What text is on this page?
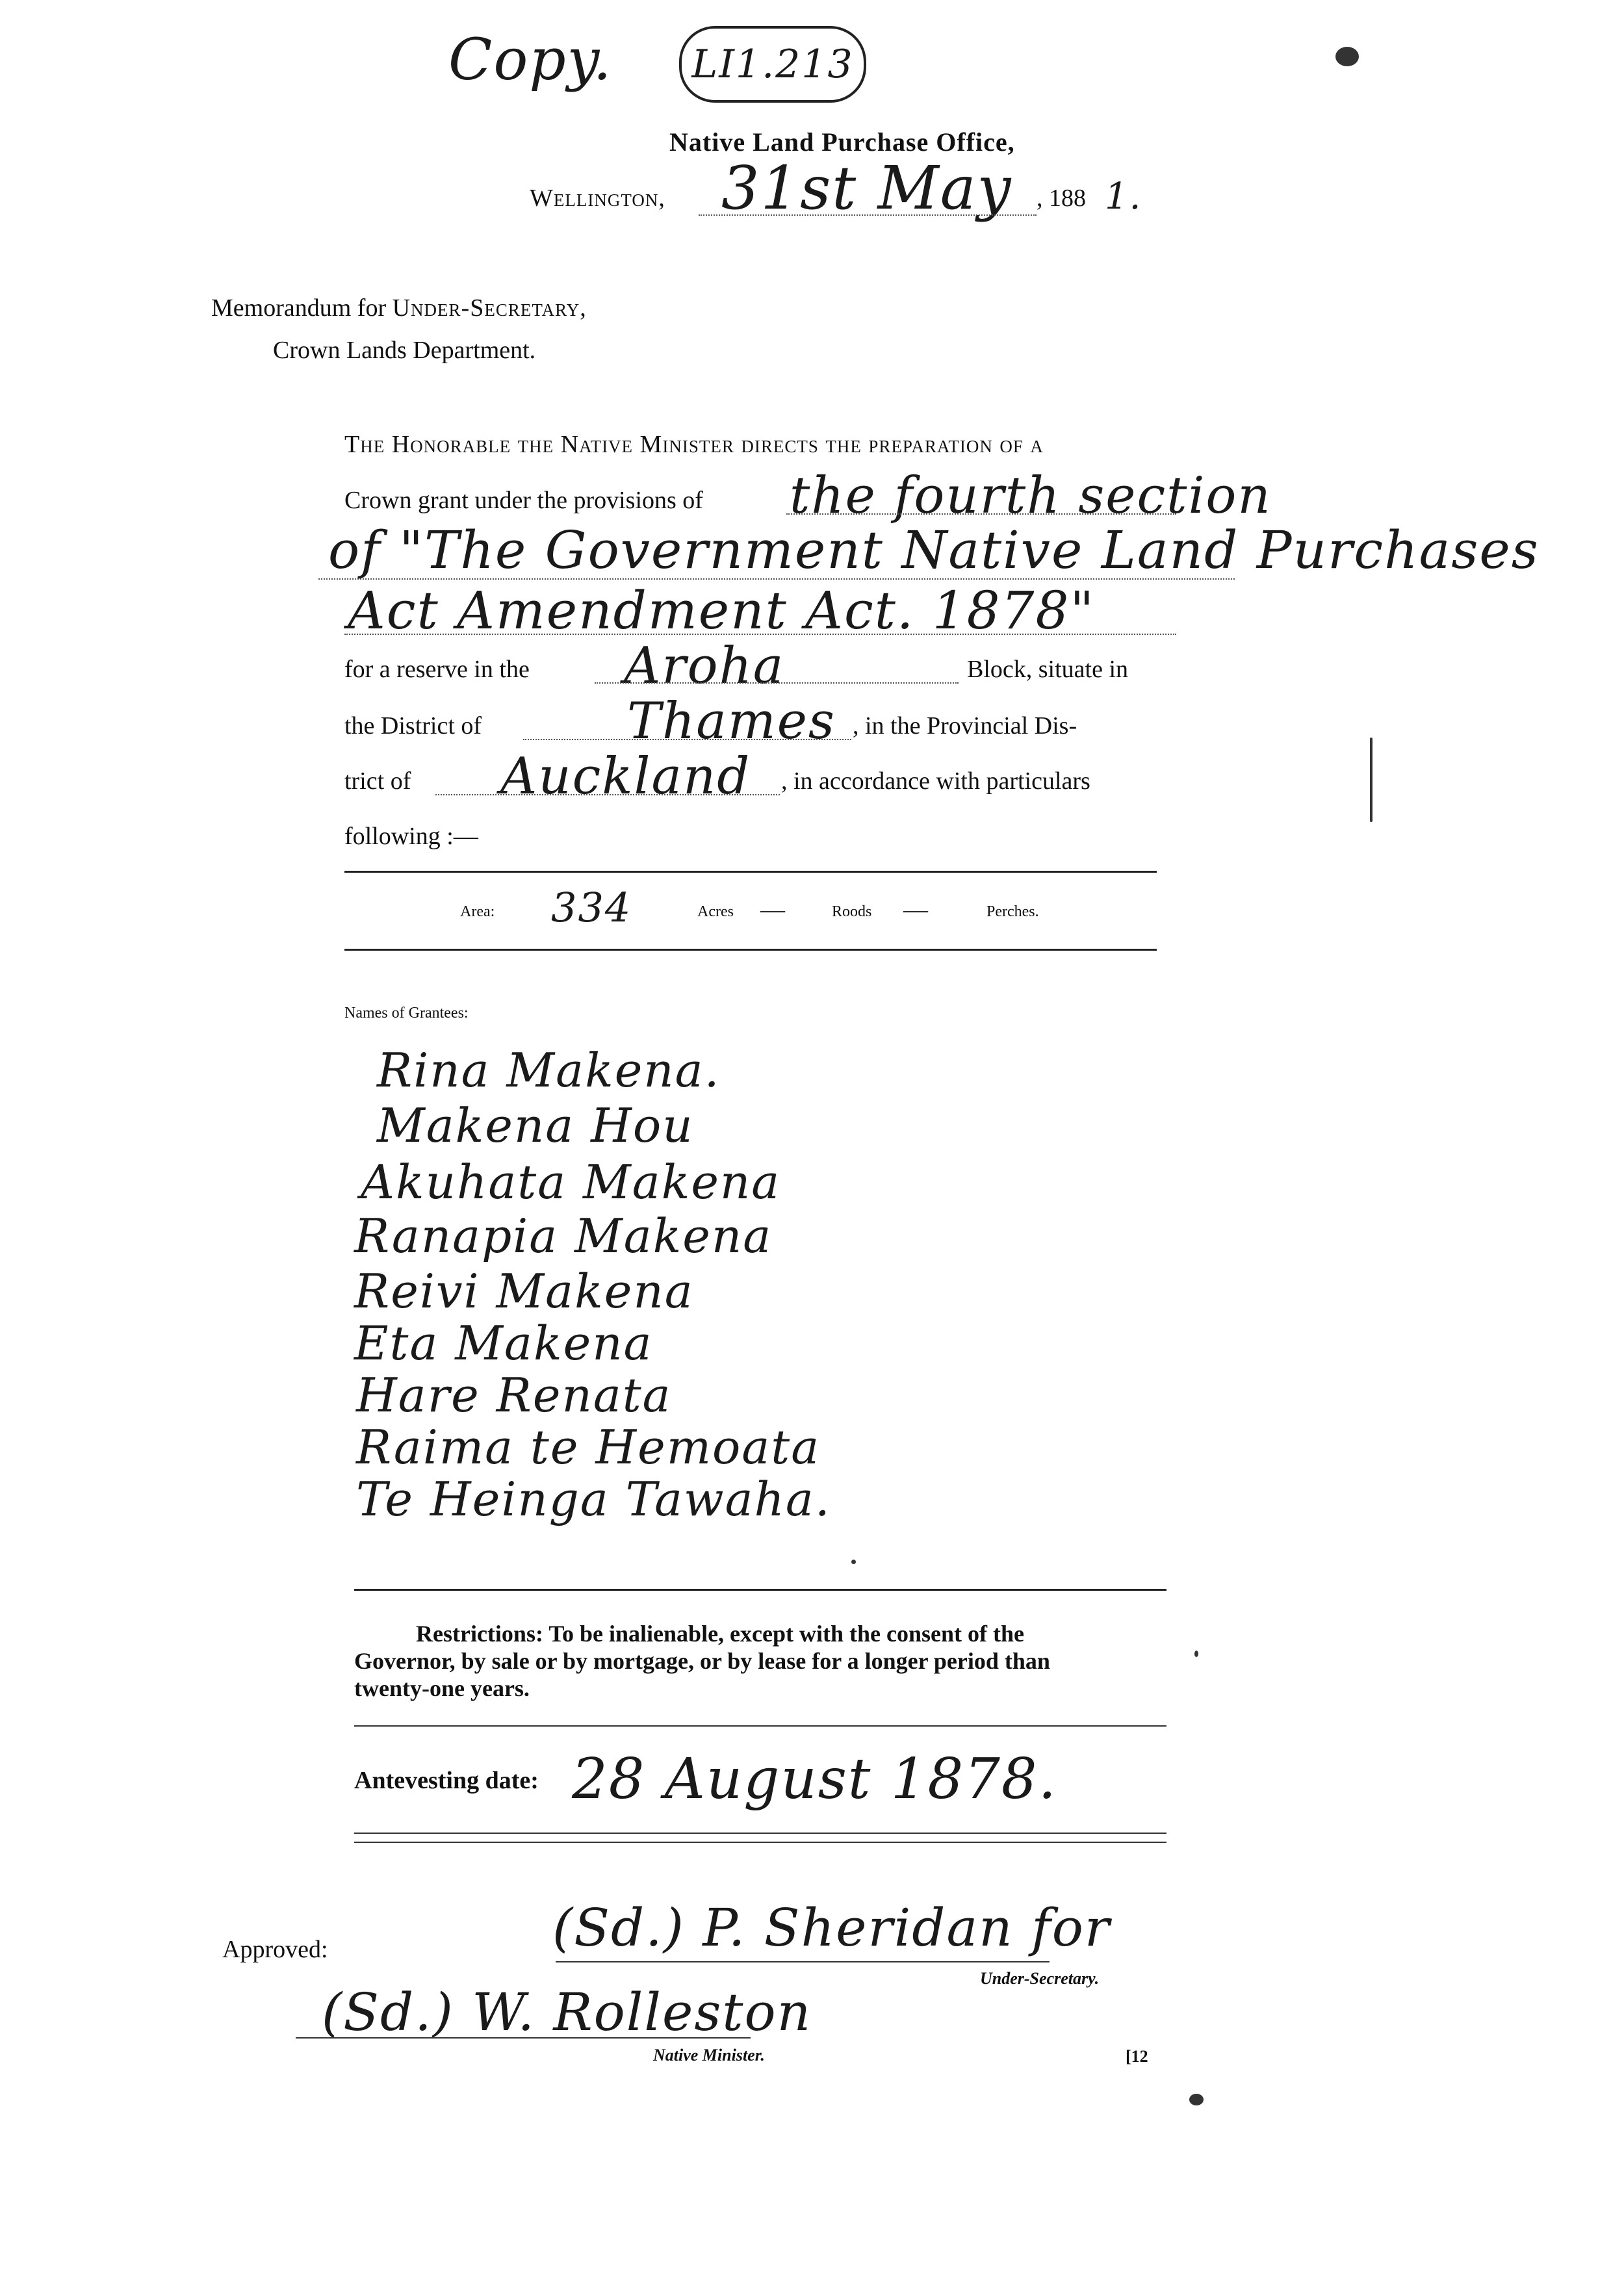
Copy. LI1.213
Native Land Purchase Office,
Wellington, 31st May , 188 1.
Memorandum for Under-Secretary,
Crown Lands Department.
The Honorable the Native Minister directs the preparation of a
Crown grant under the provisions of the fourth section
of "The Government Native Land Purchases
Act Amendment Act. 1878"
for a reserve in the Aroha	Block, situate in
the District of	Thames , in the Provincial Dis-
trict of Auckland , in accordance with particulars
following :—
Area: 334	Acres —	Roods —	Perches.
Names of Grantees:
Rina Makena.
Makena Hou
Akuhata Makena
Ranapia Makena
Reivi Makena
Eta Makena
Hare Renata
Raima te Hemoata
Te Heinga Tawaha.
Restrictions: To be inalienable, except with the consent of the
Governor, by sale or by mortgage, or by lease for a longer period than
twenty-one years.
Antevesting date: 28 August 1878.
Approved:	(Sd.) P. Sheridan for
Under-Secretary.
(Sd.) W. Rolleston
Native Minister.	[12
